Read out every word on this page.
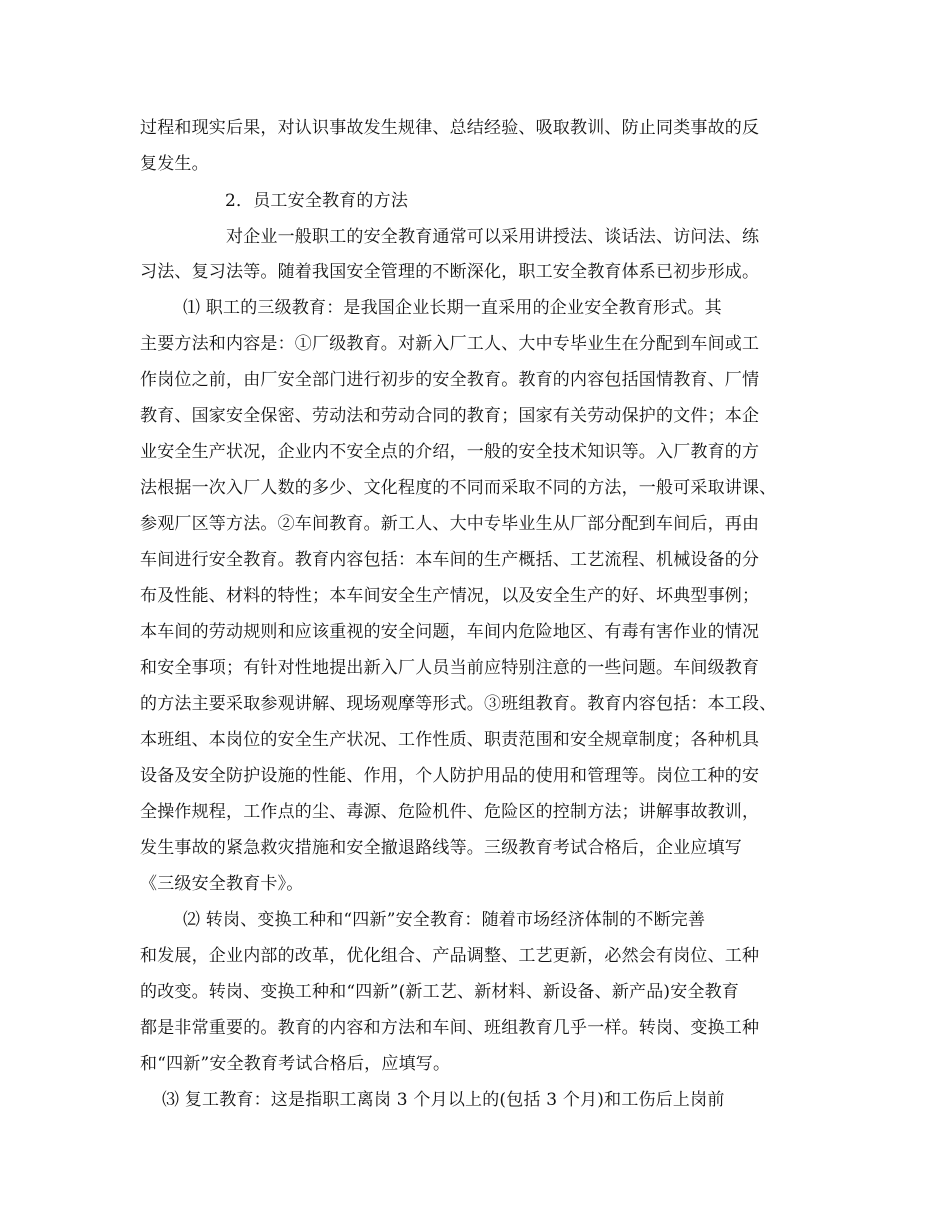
过程和现实后果，对认识事故发生规律、总结经验、吸取教训、防止同类事故的反
复发生。
2．员工安全教育的方法
对企业一般职工的安全教育通常可以采用讲授法、谈话法、访问法、练
习法、复习法等。随着我国安全管理的不断深化，职工安全教育体系已初步形成。
⑴ 职工的三级教育：是我国企业长期一直采用的企业安全教育形式。其
主要方法和内容是：①厂级教育。对新入厂工人、大中专毕业生在分配到车间或工
作岗位之前，由厂安全部门进行初步的安全教育。教育的内容包括国情教育、厂情
教育、国家安全保密、劳动法和劳动合同的教育；国家有关劳动保护的文件；本企
业安全生产状况，企业内不安全点的介绍，一般的安全技术知识等。入厂教育的方
法根据一次入厂人数的多少、文化程度的不同而采取不同的方法，一般可采取讲课、
参观厂区等方法。②车间教育。新工人、大中专毕业生从厂部分配到车间后，再由
车间进行安全教育。教育内容包括：本车间的生产概括、工艺流程、机械设备的分
布及性能、材料的特性；本车间安全生产情况，以及安全生产的好、坏典型事例；
本车间的劳动规则和应该重视的安全问题，车间内危险地区、有毒有害作业的情况
和安全事项；有针对性地提出新入厂人员当前应特别注意的一些问题。车间级教育
的方法主要采取参观讲解、现场观摩等形式。③班组教育。教育内容包括：本工段、
本班组、本岗位的安全生产状况、工作性质、职责范围和安全规章制度；各种机具
设备及安全防护设施的性能、作用，个人防护用品的使用和管理等。岗位工种的安
全操作规程，工作点的尘、毒源、危险机件、危险区的控制方法；讲解事故教训，
发生事故的紧急救灾措施和安全撤退路线等。三级教育考试合格后，企业应填写
《三级安全教育卡》。
⑵ 转岗、变换工种和“四新”安全教育：随着市场经济体制的不断完善
和发展，企业内部的改革，优化组合、产品调整、工艺更新，必然会有岗位、工种
的改变。转岗、变换工种和“四新”(新工艺、新材料、新设备、新产品)安全教育
都是非常重要的。教育的内容和方法和车间、班组教育几乎一样。转岗、变换工种
和“四新”安全教育考试合格后，应填写。
⑶ 复工教育：这是指职工离岗 3 个月以上的(包括 3 个月)和工伤后上岗前
